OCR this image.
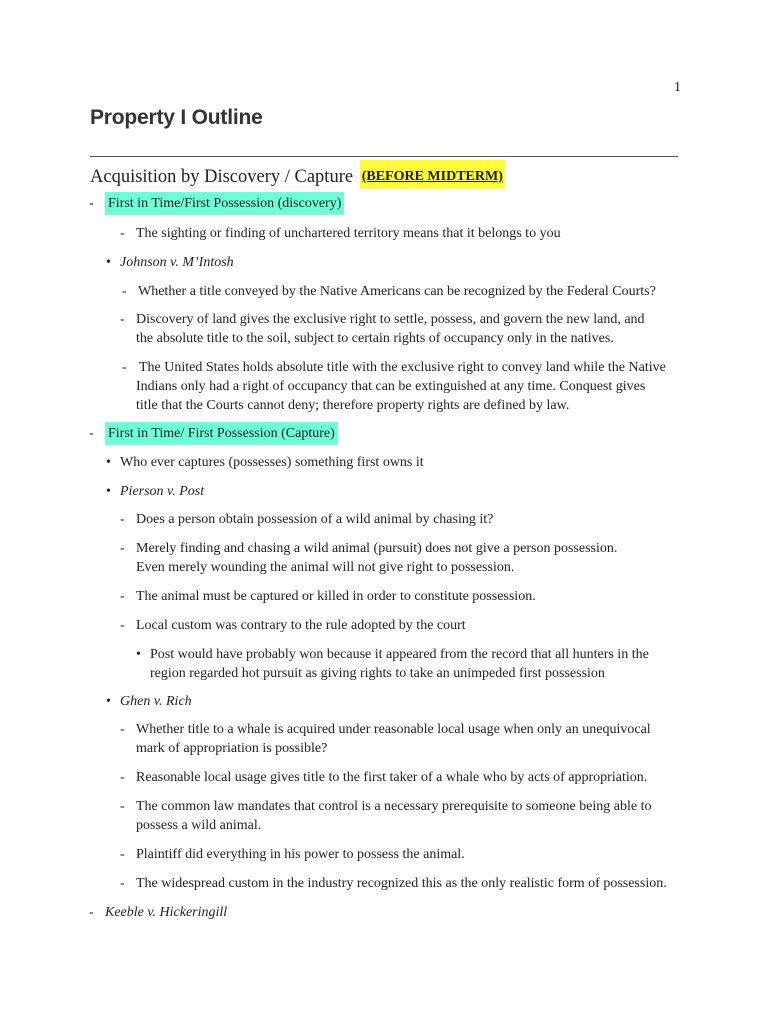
1
Property I Outline
Acquisition by Discovery / Capture (BEFORE MIDTERM)
- First in Time/First Possession (discovery)
- The sighting or finding of unchartered territory means that it belongs to you
• Johnson v. M’Intosh
- Whether a title conveyed by the Native Americans can be recognized by the Federal Courts?
- Discovery of land gives the exclusive right to settle, possess, and govern the new land, and the absolute title to the soil, subject to certain rights of occupancy only in the natives.
- The United States holds absolute title with the exclusive right to convey land while the Native Indians only had a right of occupancy that can be extinguished at any time. Conquest gives title that the Courts cannot deny; therefore property rights are defined by law.
- First in Time/ First Possession (Capture)
• Who ever captures (possesses) something first owns it
• Pierson v. Post
- Does a person obtain possession of a wild animal by chasing it?
- Merely finding and chasing a wild animal (pursuit) does not give a person possession. Even merely wounding the animal will not give right to possession.
- The animal must be captured or killed in order to constitute possession.
- Local custom was contrary to the rule adopted by the court
• Post would have probably won because it appeared from the record that all hunters in the region regarded hot pursuit as giving rights to take an unimpeded first possession
• Ghen v. Rich
- Whether title to a whale is acquired under reasonable local usage when only an unequivocal mark of appropriation is possible?
- Reasonable local usage gives title to the first taker of a whale who by acts of appropriation.
- The common law mandates that control is a necessary prerequisite to someone being able to possess a wild animal.
- Plaintiff did everything in his power to possess the animal.
- The widespread custom in the industry recognized this as the only realistic form of possession.
- Keeble v. Hickeringill
